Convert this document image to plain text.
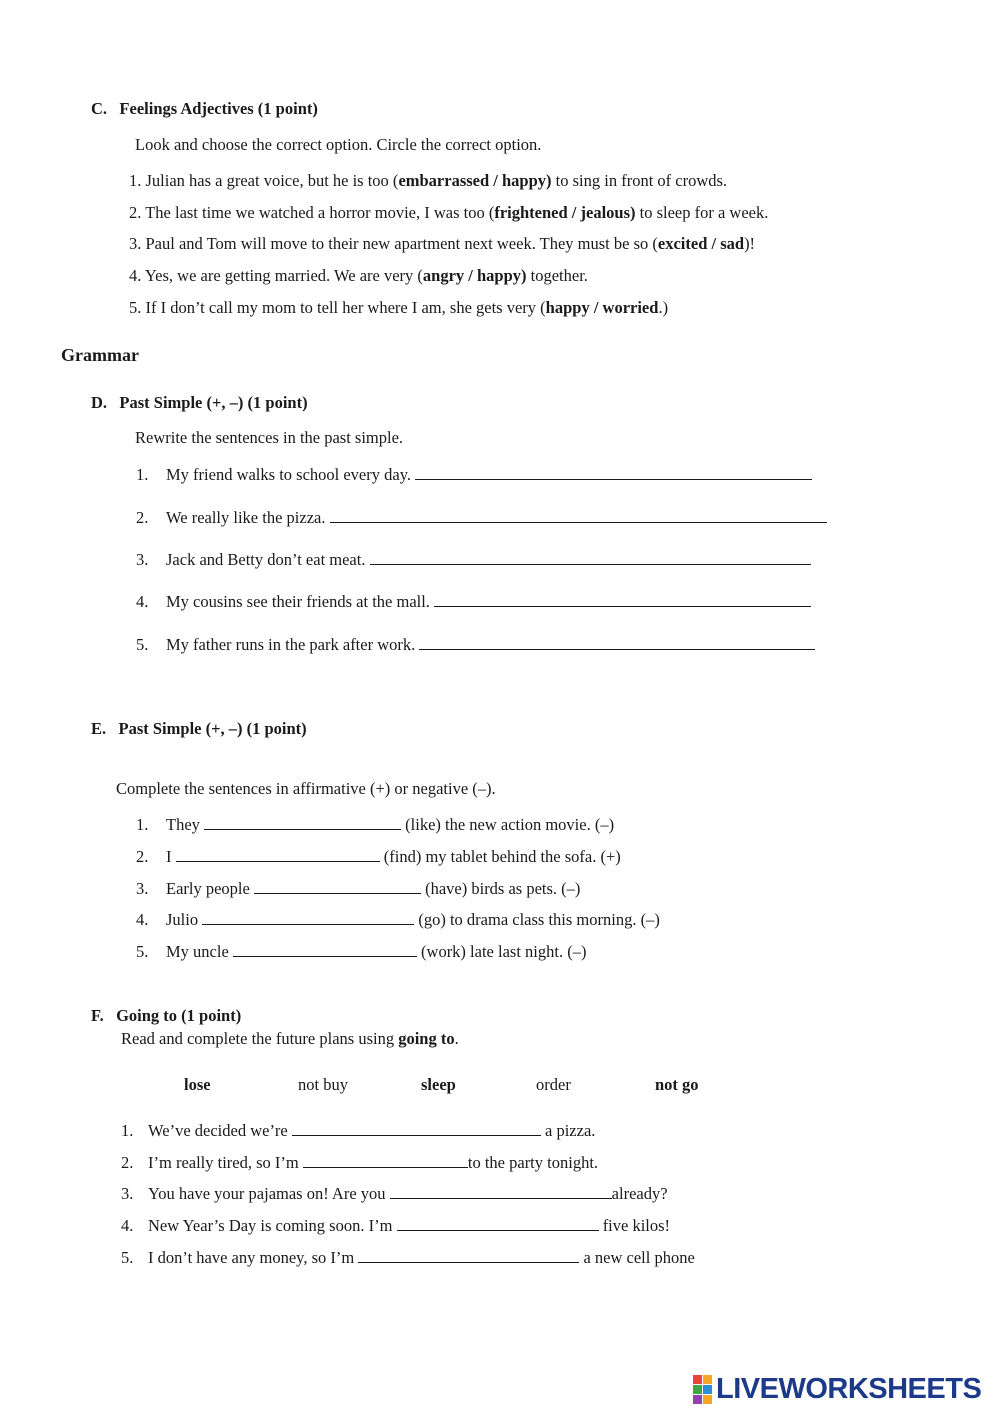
C. Feelings Adjectives (1 point)
Look and choose the correct option. Circle the correct option.
1. Julian has a great voice, but he is too (embarrassed / happy) to sing in front of crowds.
2. The last time we watched a horror movie, I was too (frightened / jealous) to sleep for a week.
3. Paul and Tom will move to their new apartment next week. They must be so (excited / sad)!
4. Yes, we are getting married. We are very (angry / happy) together.
5. If I don’t call my mom to tell her where I am, she gets very (happy / worried.)
Grammar
D. Past Simple (+, –) (1 point)
Rewrite the sentences in the past simple.
1. My friend walks to school every day.
2. We really like the pizza.
3. Jack and Betty don’t eat meat.
4. My cousins see their friends at the mall.
5. My father runs in the park after work.
E. Past Simple (+, –) (1 point)
Complete the sentences in affirmative (+) or negative (–).
1. They	(like) the new action movie. (–)
2. I	(find) my tablet behind the sofa. (+)
3. Early people	(have) birds as pets. (–)
4. Julio	(go) to drama class this morning. (–)
5. My uncle	(work) late last night. (–)
F. Going to (1 point)
Read and complete the future plans using going to.
lose	not buy	sleep	order	not go
1. We’ve decided we’re	a pizza.
2. I’m really tired, so I’m	to the party tonight.
3. You have your pajamas on! Are you	already?
4. New Year’s Day is coming soon. I’m	five kilos!
5. I don’t have any money, so I’m	a new cell phone
LIVEWORKSHEETS
